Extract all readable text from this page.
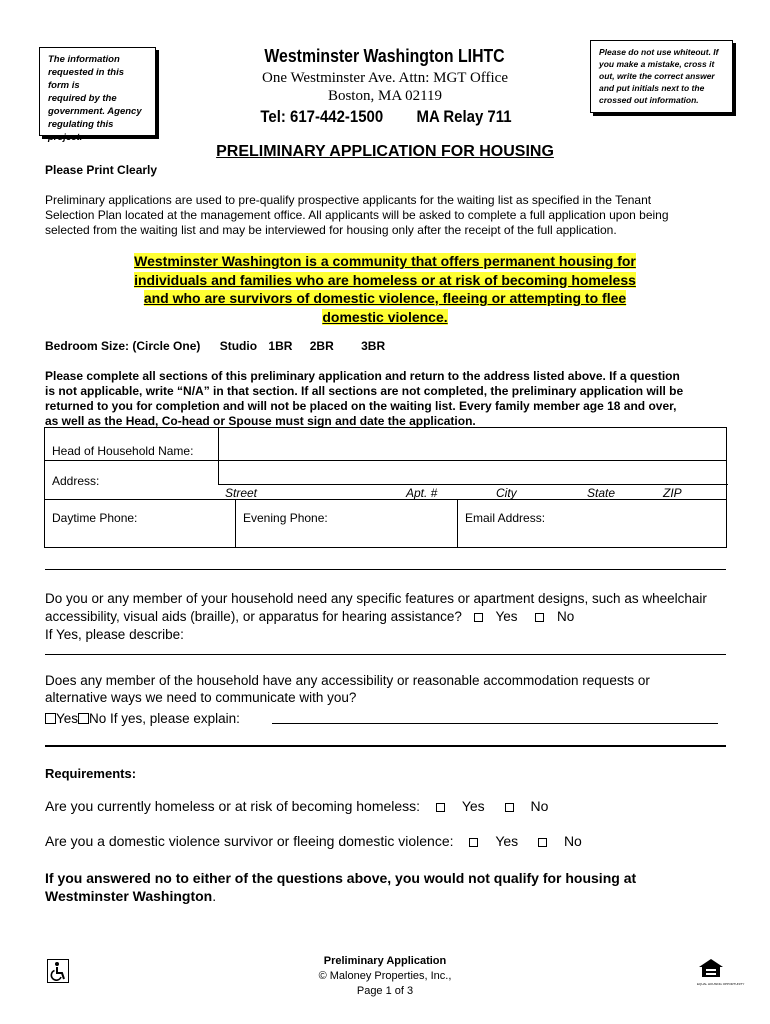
The information
requested in this form is
required by the
government. Agency
regulating this
project.
Please do not use whiteout. If
you make a mistake, cross it
out, write the correct answer
and put initials next to the
crossed out information.
Westminster Washington LIHTC
One Westminster Ave. Attn: MGT Office
Boston, MA 02119
Tel: 617-442-1500 MA Relay 711
PRELIMINARY APPLICATION FOR HOUSING
Please Print Clearly
Preliminary applications are used to pre-qualify prospective applicants for the waiting list as specified in the Tenant
Selection Plan located at the management office. All applicants will be asked to complete a full application upon being
selected from the waiting list and may be interviewed for housing only after the receipt of the full application.
Westminster Washington is a community that offers permanent housing for
individuals and families who are homeless or at risk of becoming homeless
and who are survivors of domestic violence, fleeing or attempting to flee
domestic violence.
Bedroom Size: (Circle One) Studio 1BR 2BR 3BR
Please complete all sections of this preliminary application and return to the address listed above. If a question
is not applicable, write “N/A” in that section. If all sections are not completed, the preliminary application will be
returned to you for completion and will not be placed on the waiting list. Every family member age 18 and over,
as well as the Head, Co-head or Spouse must sign and date the application.
Head of Household Name:
Address:
Street	Apt. #	City	State	ZIP
Daytime Phone:	Evening Phone:	Email Address:
Do you or any member of your household need any specific features or apartment designs, such as wheelchair
accessibility, visual aids (braille), or apparatus for hearing assistance? Yes	No
If Yes, please describe:
Does any member of the household have any accessibility or reasonable accommodation requests or
alternative ways we need to communicate with you?
Yes No If yes, please explain:
Requirements:
Are you currently homeless or at risk of becoming homeless:	Yes	No
Are you a domestic violence survivor or fleeing domestic violence:	Yes	No
If you answered no to either of the questions above, you would not qualify for housing at
Westminster Washington.
Preliminary Application
© Maloney Properties, Inc.,
Page 1 of 3
EQUAL HOUSING OPPORTUNITY
